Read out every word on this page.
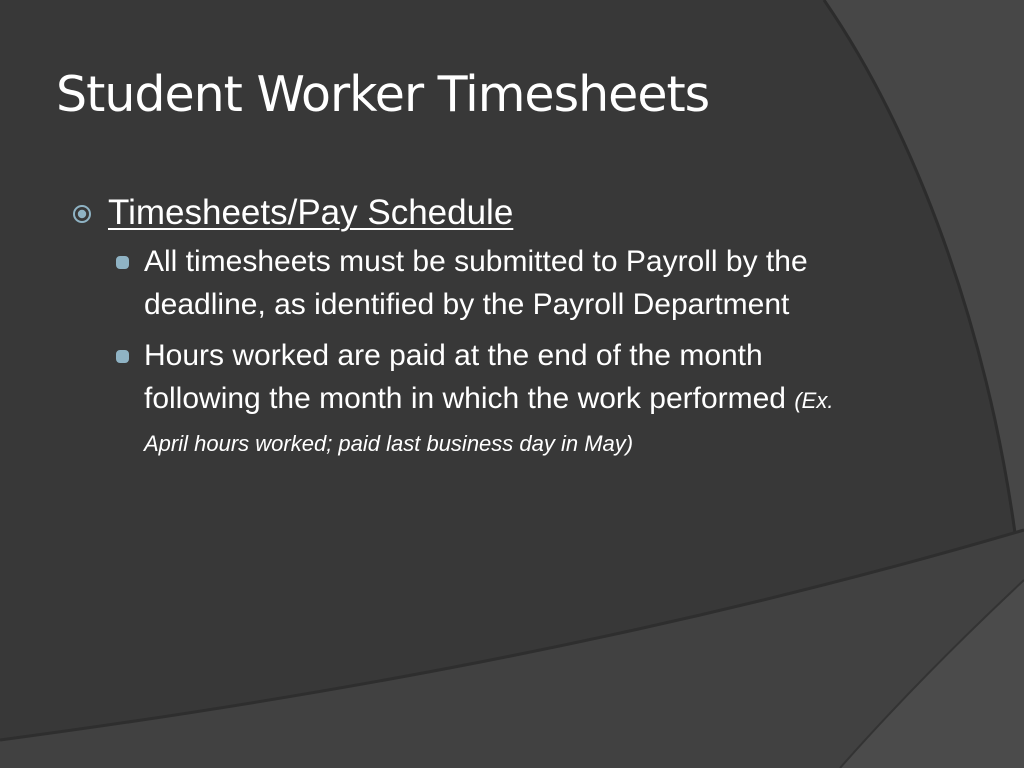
Student Worker Timesheets
Timesheets/Pay Schedule
All timesheets must be submitted to Payroll by the deadline, as identified by the Payroll Department
Hours worked are paid at the end of the month following the month in which the work performed (Ex. April hours worked; paid last business day in May)
